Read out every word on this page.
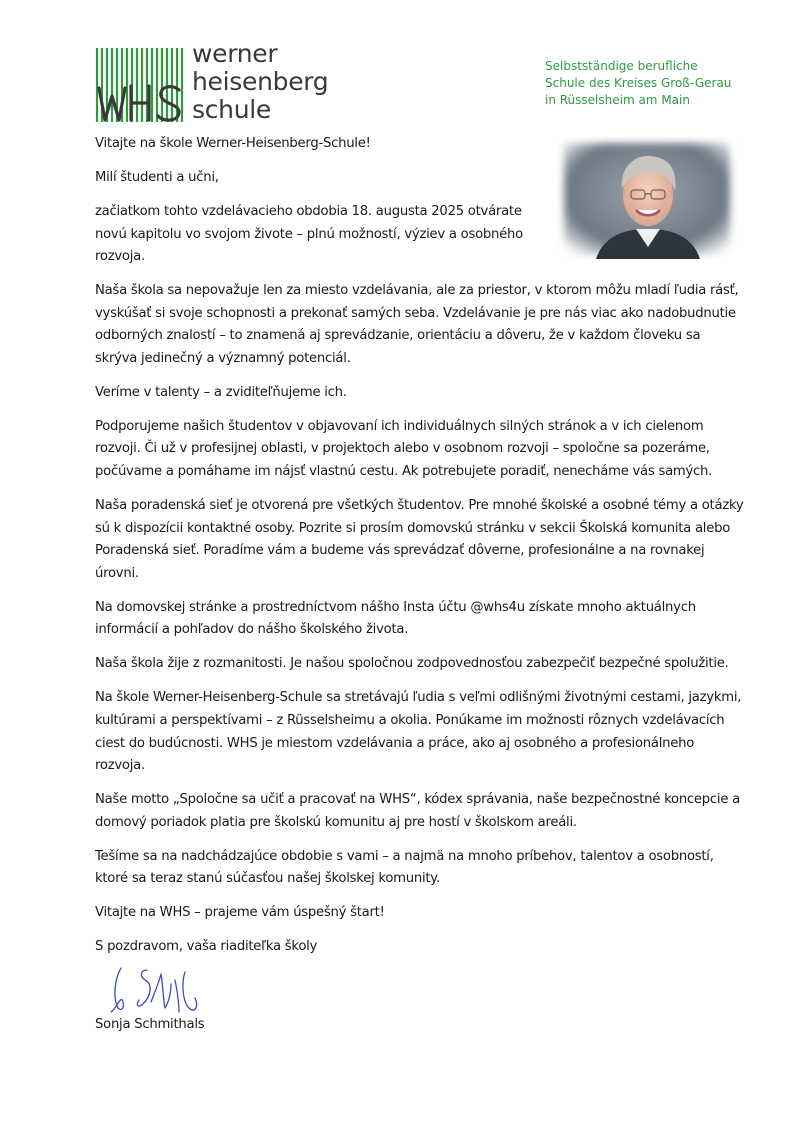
werner
heisenberg
schule
Selbstständige berufliche
Schule des Kreises Groß-Gerau
in Rüsselsheim am Main

Vitajte na škole Werner-Heisenberg-Schule!

Milí študenti a učni,

začiatkom tohto vzdelávacieho obdobia 18. augusta 2025 otvárate novú kapitolu vo svojom živote – plnú možností, výziev a osobného rozvoja.

Naša škola sa nepovažuje len za miesto vzdelávania, ale za priestor, v ktorom môžu mladí ľudia rásť, vyskúšať si svoje schopnosti a prekonať samých seba. Vzdelávanie je pre nás viac ako nadobudnutie odborných znalostí – to znamená aj sprevádzanie, orientáciu a dôveru, že v každom človeku sa skrýva jedinečný a významný potenciál.

Veríme v talenty – a zviditeľňujeme ich.

Podporujeme našich študentov v objavovaní ich individuálnych silných stránok a v ich cielenom rozvoji. Či už v profesijnej oblasti, v projektoch alebo v osobnom rozvoji – spoločne sa pozeráme, počúvame a pomáhame im nájsť vlastnú cestu. Ak potrebujete poradiť, nenecháme vás samých.

Naša poradenská sieť je otvorená pre všetkých študentov. Pre mnohé školské a osobné témy a otázky sú k dispozícii kontaktné osoby. Pozrite si prosím domovskú stránku v sekcii Školská komunita alebo Poradenská sieť. Poradíme vám a budeme vás sprevádzať dôverne, profesionálne a na rovnakej úrovni.

Na domovskej stránke a prostredníctvom nášho Insta účtu @whs4u získate mnoho aktuálnych informácií a pohľadov do nášho školského života.

Naša škola žije z rozmanitosti. Je našou spoločnou zodpovednosťou zabezpečiť bezpečné spolužitie.

Na škole Werner-Heisenberg-Schule sa stretávajú ľudia s veľmi odlišnými životnými cestami, jazykmi, kultúrami a perspektívami – z Rüsselsheimu a okolia. Ponúkame im možnosti rôznych vzdelávacích ciest do budúcnosti. WHS je miestom vzdelávania a práce, ako aj osobného a profesionálneho rozvoja.

Naše motto „Spoločne sa učiť a pracovať na WHS“, kódex správania, naše bezpečnostné koncepcie a domový poriadok platia pre školskú komunitu aj pre hostí v školskom areáli.

Tešíme sa na nadchádzajúce obdobie s vami – a najmä na mnoho príbehov, talentov a osobností, ktoré sa teraz stanú súčasťou našej školskej komunity.

Vitajte na WHS – prajeme vám úspešný štart!

S pozdravom, vaša riaditeľka školy

Sonja Schmithals
